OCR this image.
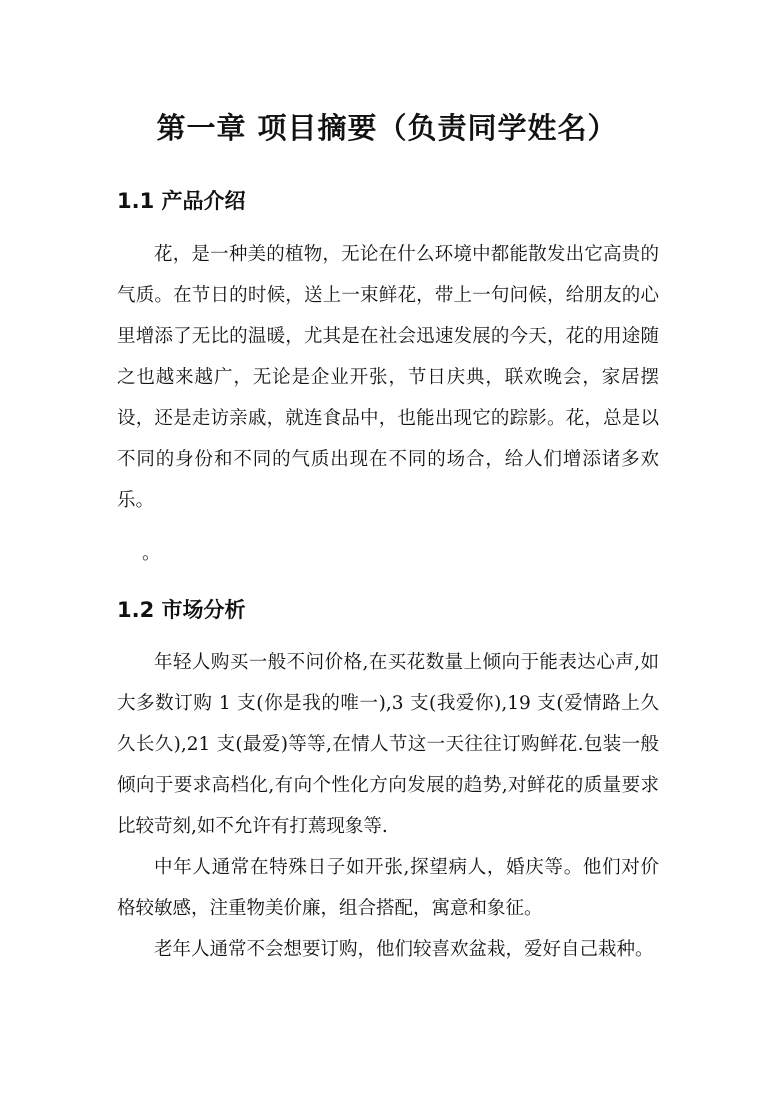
第一章 项目摘要（负责同学姓名）
1.1 产品介绍

花，是一种美的植物，无论在什么环境中都能散发出它高贵的气质。在节日的时候，送上一束鲜花，带上一句问候，给朋友的心里增添了无比的温暖，尤其是在社会迅速发展的今天，花的用途随之也越来越广，无论是企业开张，节日庆典，联欢晚会，家居摆设，还是走访亲戚，就连食品中，也能出现它的踪影。花，总是以不同的身份和不同的气质出现在不同的场合，给人们增添诸多欢乐。

。
1.2 市场分析

年轻人购买一般不问价格,在买花数量上倾向于能表达心声,如大多数订购 1 支(你是我的唯一),3 支(我爱你),19 支(爱情路上久久长久),21 支(最爱)等等,在情人节这一天往往订购鲜花.包装一般倾向于要求高档化,有向个性化方向发展的趋势,对鲜花的质量要求比较苛刻,如不允许有打蔫现象等.

中年人通常在特殊日子如开张,探望病人，婚庆等。他们对价格较敏感，注重物美价廉，组合搭配，寓意和象征。

老年人通常不会想要订购，他们较喜欢盆栽，爱好自己栽种。
